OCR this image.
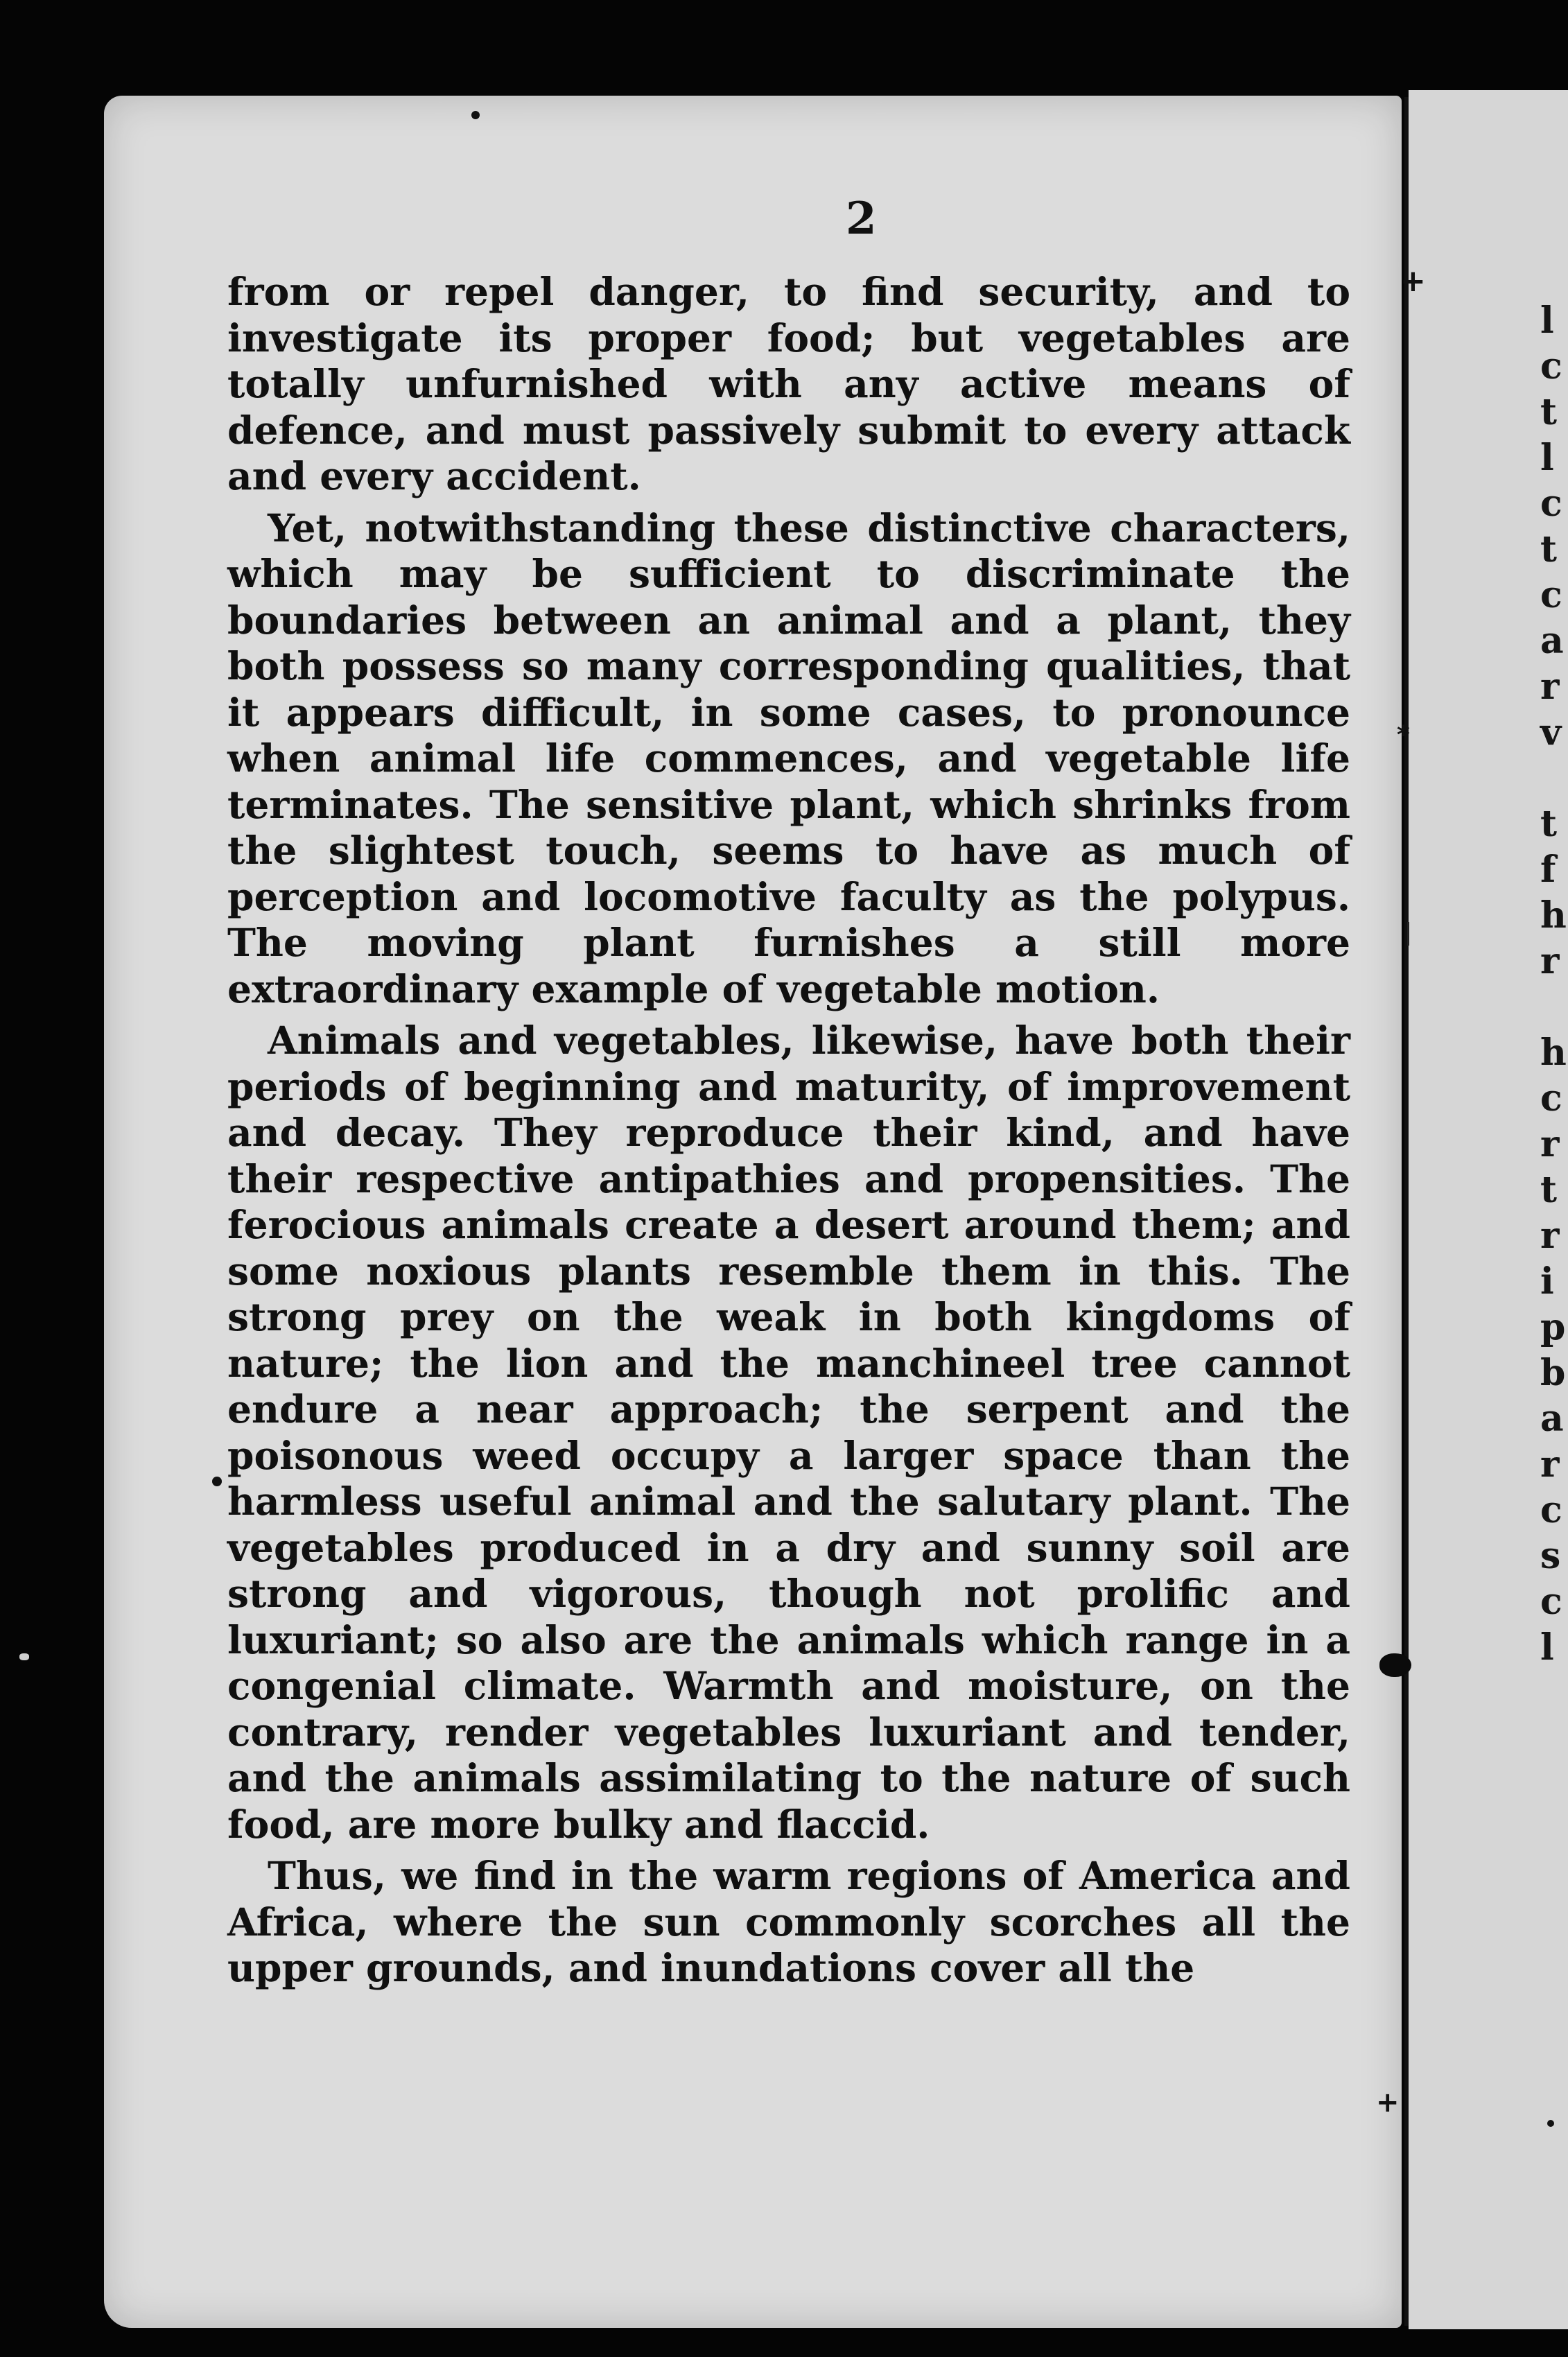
2

from or repel danger, to find security, and to investigate its proper food; but vegetables are totally unfurnished with any active means of defence, and must passively submit to every attack and every accident.

Yet, notwithstanding these distinctive characters, which may be sufficient to discriminate the boundaries between an animal and a plant, they both possess so many corresponding qualities, that it appears difficult, in some cases, to pronounce when animal life commences, and vegetable life terminates. The sensitive plant, which shrinks from the slightest touch, seems to have as much of perception and locomotive faculty as the polypus. The moving plant furnishes a still more extraordinary example of vegetable motion.

Animals and vegetables, likewise, have both their periods of beginning and maturity, of improvement and decay. They reproduce their kind, and have their respective antipathies and propensities. The ferocious animals create a desert around them; and some noxious plants resemble them in this. The strong prey on the weak in both kingdoms of nature; the lion and the manchineel tree cannot endure a near approach; the serpent and the poisonous weed occupy a larger space than the harmless useful animal and the salutary plant. The vegetables produced in a dry and sunny soil are strong and vigorous, though not prolific and luxuriant; so also are the animals which range in a congenial climate. Warmth and moisture, on the contrary, render vegetables luxuriant and tender, and the animals assimilating to the nature of such food, are more bulky and flaccid.

Thus, we find in the warm regions of America and Africa, where the sun commonly scorches all the upper grounds, and inundations cover all the

l
c
t
l
c
t
c
a
r
v
t
f
h
r
h
c
r
t
r
i
p
b
a
r
c
s
c
l
+
*
+
